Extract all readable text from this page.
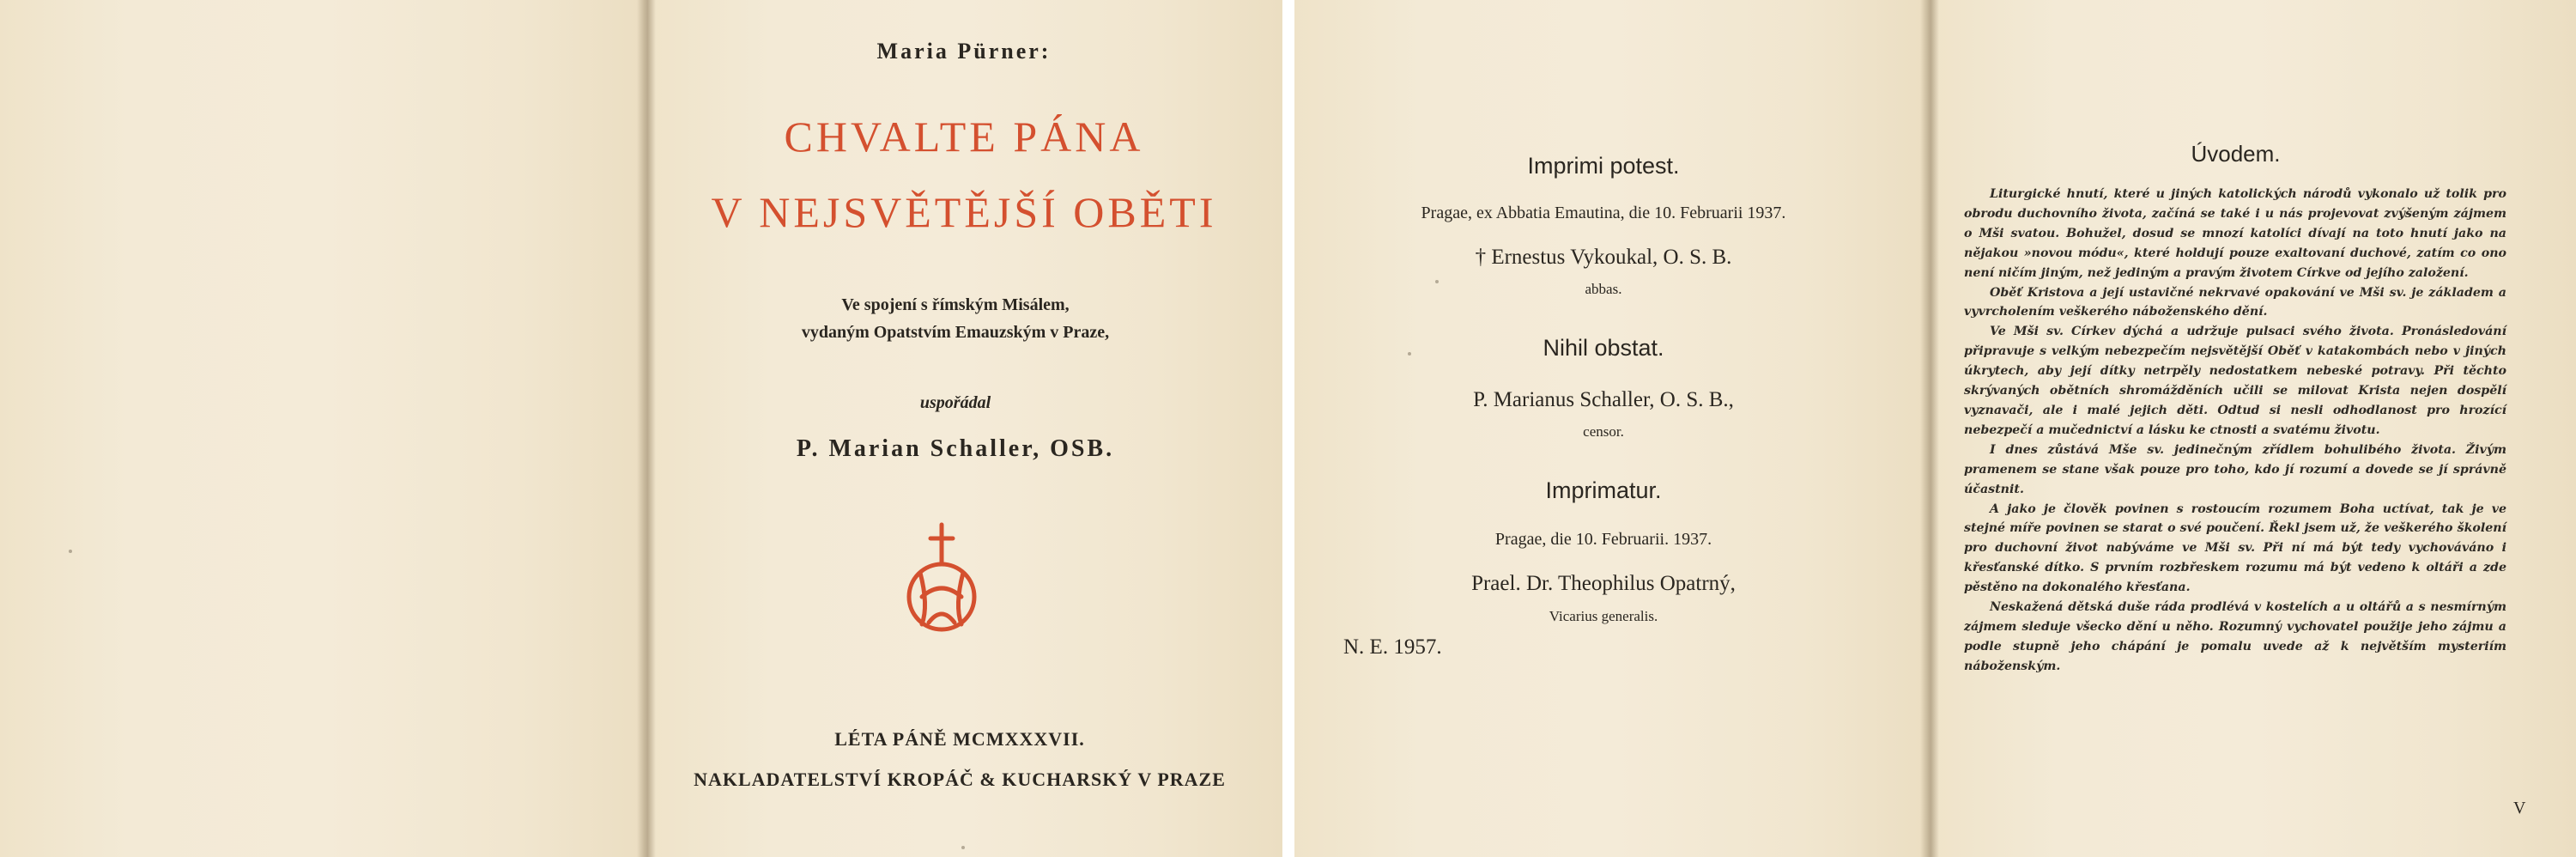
Maria Pürner:
CHVALTE PÁNA
V NEJSVĚTĚJŠÍ OBĚTI
Ve spojení s římským Misálem,
vydaným Opatstvím Emauzským v Praze,
uspořádal
P. Marian Schaller, OSB.
LÉTA PÁNĚ MCMXXXVII.
NAKLADATELSTVÍ KROPÁČ & KUCHARSKÝ V PRAZE
Imprimi potest.
Pragae, ex Abbatia Emautina, die 10. Februarii 1937.
† Ernestus Vykoukal, O. S. B.
abbas.
Nihil obstat.
P. Marianus Schaller, O. S. B.,
censor.
Imprimatur.
Pragae, die 10. Februarii. 1937.
Prael. Dr. Theophilus Opatrný,
Vicarius generalis.
N. E. 1957.
Úvodem.

Liturgické hnutí, které u jiných katolických národů vykonalo už tolik pro obrodu duchovního života, začíná se také i u nás projevovat zvýšeným zájmem o Mši svatou. Bohužel, dosud se mnozí katolíci dívají na toto hnutí jako na nějakou »novou módu«, které holdují pouze exaltovaní duchové, zatím co ono není ničím jiným, než jediným a pravým životem Církve od jejího založení.

Oběť Kristova a její ustavičné nekrvavé opakování ve Mši sv. je základem a vyvrcholením veškerého náboženského dění.

Ve Mši sv. Církev dýchá a udržuje pulsaci svého života. Pronásledování připravuje s velkým nebezpečím nejsvětější Oběť v katakombách nebo v jiných úkrytech, aby její dítky netrpěly nedostatkem nebeské potravy. Při těchto skrývaných obětních shromážděních učili se milovat Krista nejen dospělí vyznavači, ale i malé jejich děti. Odtud si nesli odhodlanost pro hrozící nebezpečí a mučednictví a lásku ke ctnosti a svatému životu.

I dnes zůstává Mše sv. jedinečným zřídlem bohulibého života. Živým pramenem se stane však pouze pro toho, kdo jí rozumí a dovede se jí správně účastnit.

A jako je člověk povinen s rostoucím rozumem Boha uctívat, tak je ve stejné míře povinen se starat o své poučení. Řekl jsem už, že veškerého školení pro duchovní život nabýváme ve Mši sv. Při ní má být tedy vychováváno i křesťanské dítko. S prvním rozbřeskem rozumu má být vedeno k oltáři a zde pěstěno na dokonalého křesťana.

Neskažená dětská duše ráda prodlévá v kostelích a u oltářů a s nesmírným zájmem sleduje všecko dění u něho. Rozumný vychovatel použije jeho zájmu a podle stupně jeho chápání je pomalu uvede až k největším mysteriím náboženským.

V
